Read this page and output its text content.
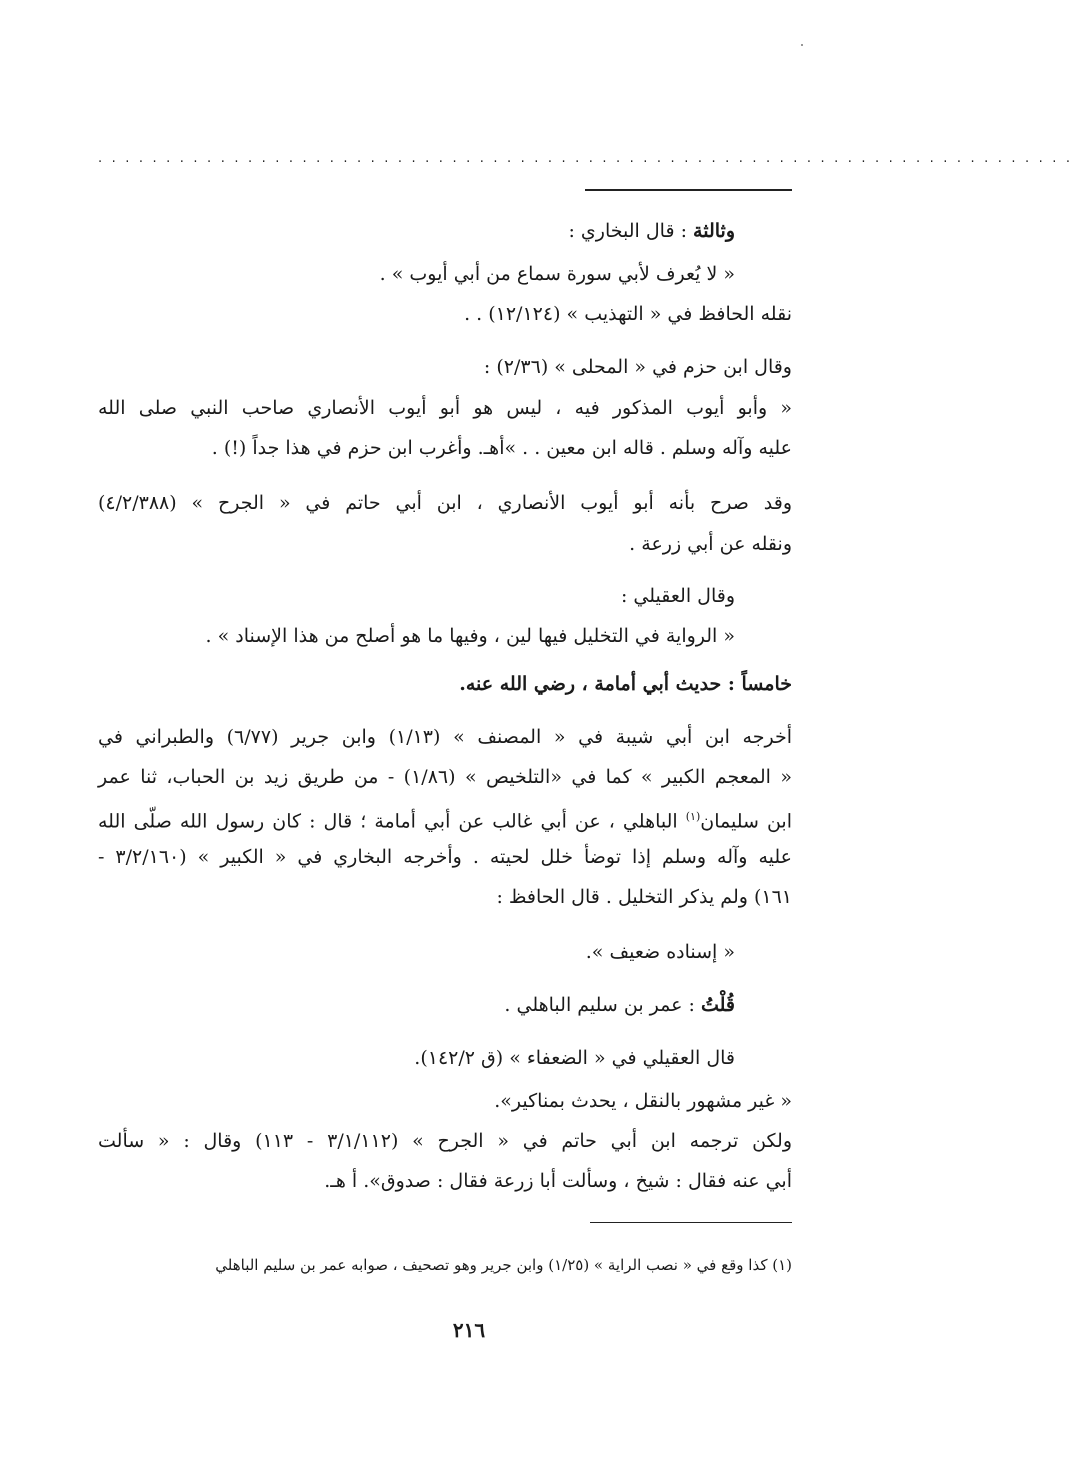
........................................................................
وثالثة : قال البخاري :
« لا يُعرف لأبي سورة سماع من أبي أيوب » .
نقله الحافظ في « التهذيب » (١٢/١٢٤) . .
وقال ابن حزم في « المحلى » (٢/٣٦) :
« وأبو أيوب المذكور فيه ، ليس هو أبو أيوب الأنصاري صاحب النبي صلى الله
عليه وآله وسلم . قاله ابن معين . . »أهـ. وأغرب ابن حزم في هذا جداً (!) .
وقد صرح بأنه أبو أيوب الأنصاري ، ابن أبي حاتم في « الجرح » (٤/٢/٣٨٨)
ونقله عن أبي زرعة .
وقال العقيلي :
« الرواية في التخليل فيها لين ، وفيها ما هو أصلح من هذا الإسناد » .
خامساً : حديث أبي أمامة ، رضي الله عنه.
أخرجه ابن أبي شيبة في « المصنف » (١/١٣) وابن جرير (٦/٧٧) والطبراني في
« المعجم الكبير » كما في «التلخيص » (١/٨٦) - من طريق زيد بن الحباب، ثنا عمر
ابن سليمان$^{(١)}$ الباهلي ، عن أبي غالب عن أبي أمامة ؛ قال : كان رسول الله صلّى الله
عليه وآله وسلم إذا توضأ خلل لحيته . وأخرجه البخاري في « الكبير » (٣/٢/١٦٠ -
١٦١) ولم يذكر التخليل . قال الحافظ :
« إسناده ضعيف ».
قُلْتُ : عمر بن سليم الباهلي .
قال العقيلي في « الضعفاء » (ق ١٤٢/٢).
« غير مشهور بالنقل ، يحدث بمناكير».
ولكن ترجمه ابن أبي حاتم في « الجرح » (٣/١/١١٢ - ١١٣) وقال : « سألت
أبي عنه فقال : شيخ ، وسألت أبا زرعة فقال : صدوق». أ هـ.
(١) كذا وقع في « نصب الراية » (١/٢٥) وابن جرير وهو تصحيف ، صوابه عمر بن سليم الباهلي
٢١٦
